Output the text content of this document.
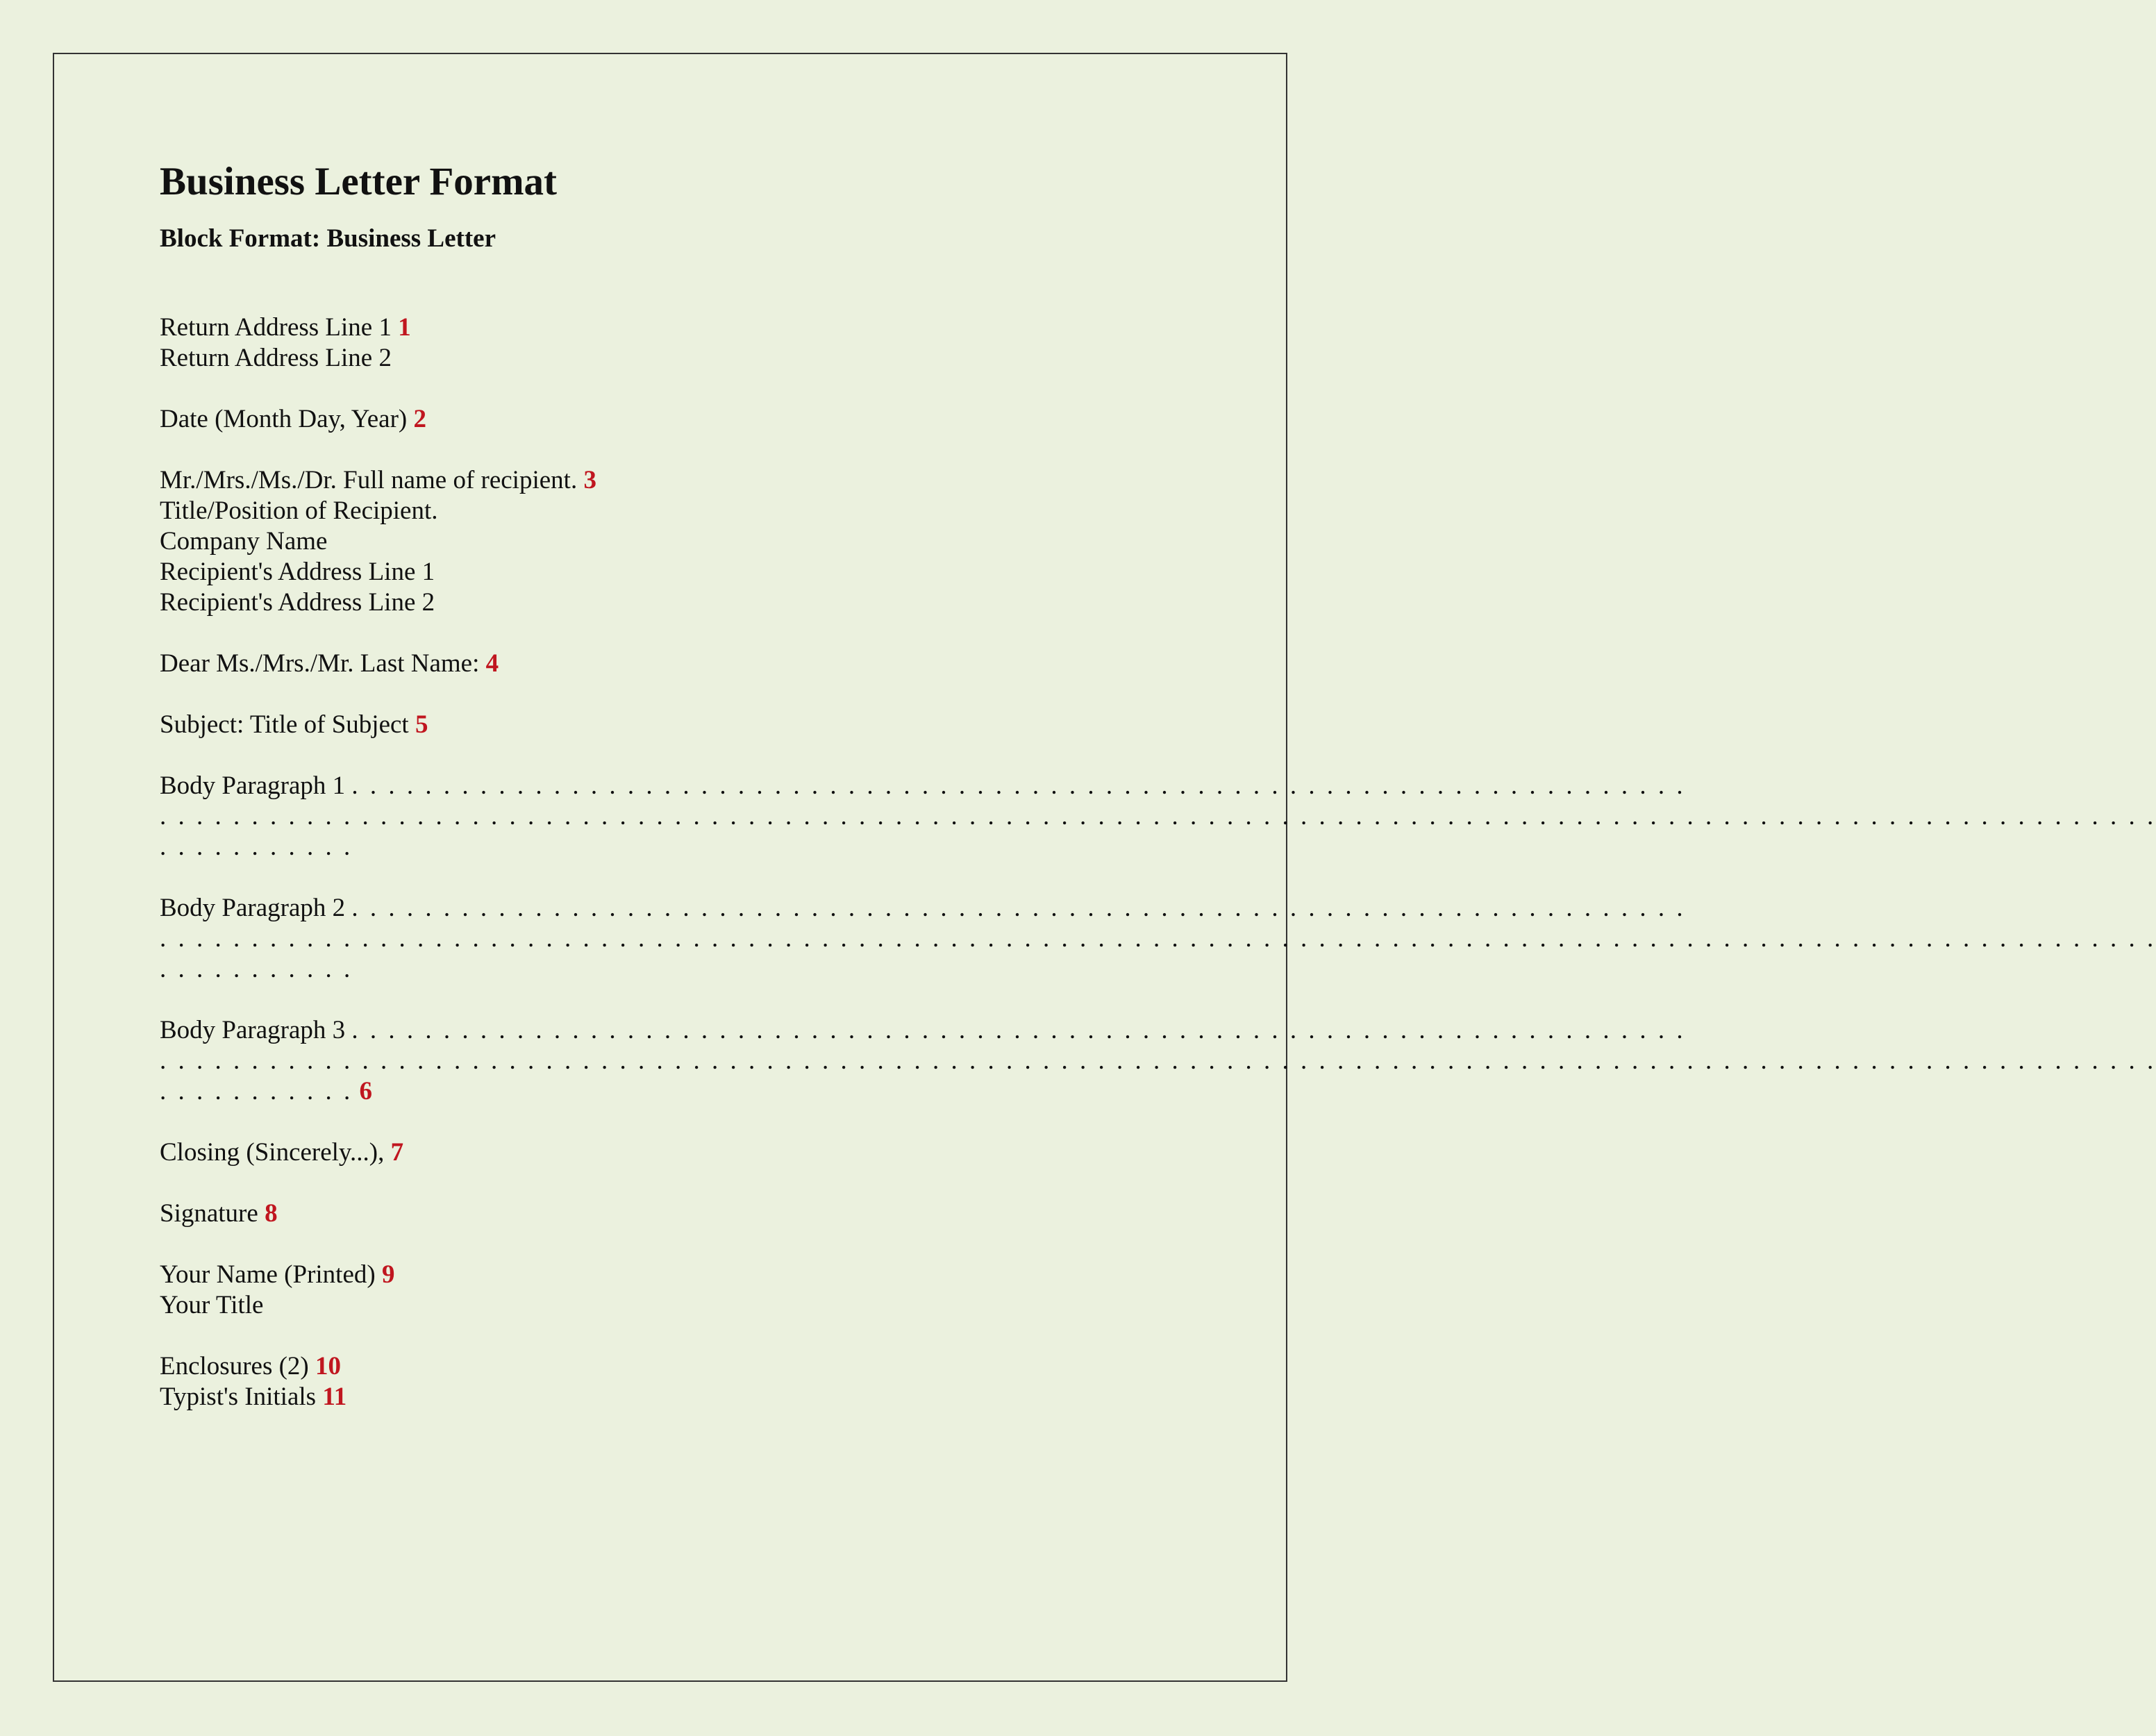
Business Letter Format
Block Format: Business Letter
Return Address Line 1 1
Return Address Line 2
Date (Month Day, Year) 2
Mr./Mrs./Ms./Dr. Full name of recipient. 3
Title/Position of Recipient.
Company Name
Recipient's Address Line 1
Recipient's Address Line 2
Dear Ms./Mrs./Mr. Last Name: 4
Subject: Title of Subject 5
Body Paragraph 1 . . . . . . . . . . . . . . . . . . . . . . . . . . . . . . . . . . . . . . . . . . . . . . . . . . . . . . . . . . . . . . . . . . . . . . . . .
. . . . . . . . . . . . . . . . . . . . . . . . . . . . . . . . . . . . . . . . . . . . . . . . . . . . . . . . . . . . . . . . . . . . . . . . . . . . . . . . . . . . . . . . . . . . . . . . . . . . . . . . . . . . .
. . . . . . . . . . .
Body Paragraph 2 . . . . . . . . . . . . . . . . . . . . . . . . . . . . . . . . . . . . . . . . . . . . . . . . . . . . . . . . . . . . . . . . . . . . . . . . .
. . . . . . . . . . . . . . . . . . . . . . . . . . . . . . . . . . . . . . . . . . . . . . . . . . . . . . . . . . . . . . . . . . . . . . . . . . . . . . . . . . . . . . . . . . . . . . . . . . . . . . . . . . . . .
. . . . . . . . . . .
Body Paragraph 3 . . . . . . . . . . . . . . . . . . . . . . . . . . . . . . . . . . . . . . . . . . . . . . . . . . . . . . . . . . . . . . . . . . . . . . . . .
. . . . . . . . . . . . . . . . . . . . . . . . . . . . . . . . . . . . . . . . . . . . . . . . . . . . . . . . . . . . . . . . . . . . . . . . . . . . . . . . . . . . . . . . . . . . . . . . . . . . . . . . . . . . .
. . . . . . . . . . . 6
Closing (Sincerely...), 7
Signature 8
Your Name (Printed) 9
Your Title
Enclosures (2) 10
Typist's Initials 11
